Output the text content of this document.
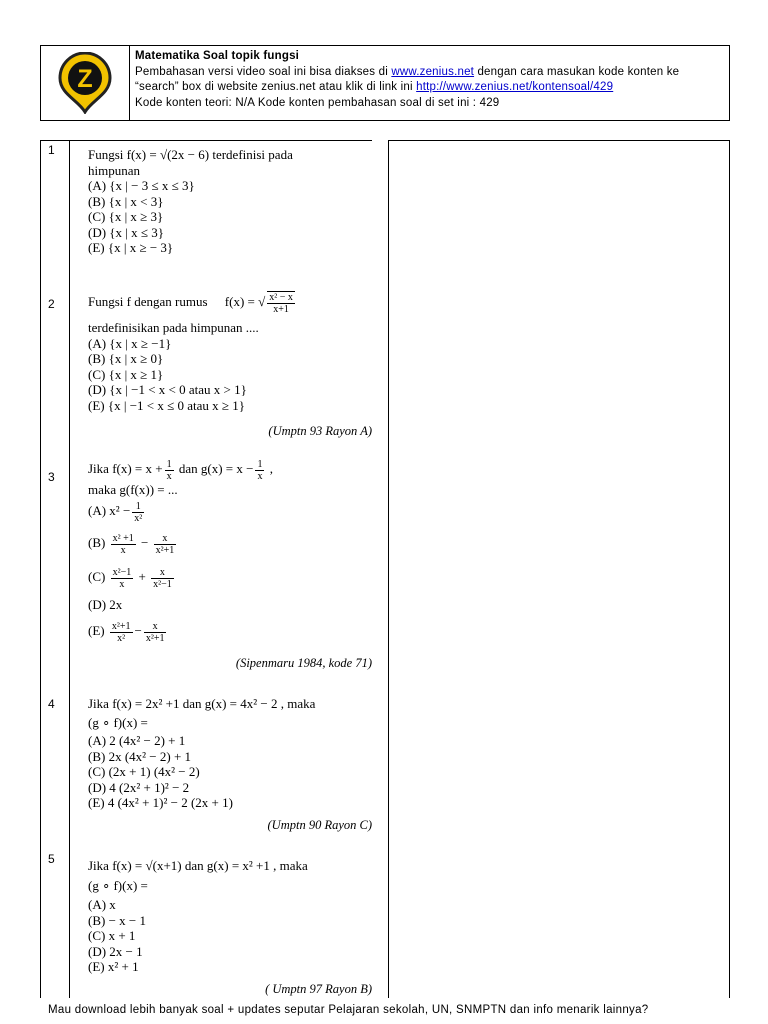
Z
Matematika Soal topik fungsi
Pembahasan versi video soal ini bisa diakses di www.zenius.net dengan cara masukan kode konten ke
“search” box di website zenius.net atau klik di link ini http://www.zenius.net/kontensoal/429
Kode konten teori: N/A Kode konten pembahasan soal di set ini : 429
1	Fungsi f(x) = √(2x − 6) terdefinisi pada
himpunan
(A) {x | − 3 ≤ x ≤ 3}
(B) {x | x < 3}
(C) {x | x ≥ 3}
(D) {x | x ≤ 3}
(E) {x | x ≥ − 3}
2	Fungsi f dengan rumus f(x) = √ $\frac{\text{x² − x}}{x+1}$
terdefinisikan pada himpunan ....
(A) {x | x ≥ −1}
(B) {x | x ≥ 0}
(C) {x | x ≥ 1}
(D) {x | −1 < x < 0 atau x > 1}
(E) {x | −1 < x ≤ 0 atau x ≥ 1}
(Umptn 93 Rayon A)
3
Jika $f(x) = x + \frac{1}{x}$ dan $g(x) = x - \frac{1}{x}$ ,
maka g(f(x)) = ...
(A) $x^2 - \frac{1}{\text{x²}}$
$(B) \frac{\text{x² +1}}{x} - \frac{x}{\text{x²+1}}$
$(C) \frac{\text{x²−1}}{x} + \frac{x}{\text{x²−1}}$
(D) 2x
$(E) \frac{\text{x²+1}}{\text{x²}} - \frac{x}{\text{x²+1}}$
(Sipenmaru 1984, kode 71)
4	Jika f(x) = 2x² +1 dan g(x) = 4x² − 2 , maka
(g ∘ f)(x) =
(A) 2 (4x² − 2) + 1
(B) 2x (4x² − 2) + 1
(C) (2x + 1) (4x² − 2)
(D) 4 (2x² + 1)² − 2
(E) 4 (4x² + 1)² − 2 (2x + 1)
(Umptn 90 Rayon C)
5	Jika f(x) = √(x+1) dan g(x) = x² +1 , maka
(g ∘ f)(x) =
(A) x
(B) − x − 1
(C) x + 1
(D) 2x − 1
(E) x² + 1
( Umptn 97 Rayon B)
Mau download lebih banyak soal + updates seputar Pelajaran sekolah, UN, SNMPTN dan info menarik lainnya?
